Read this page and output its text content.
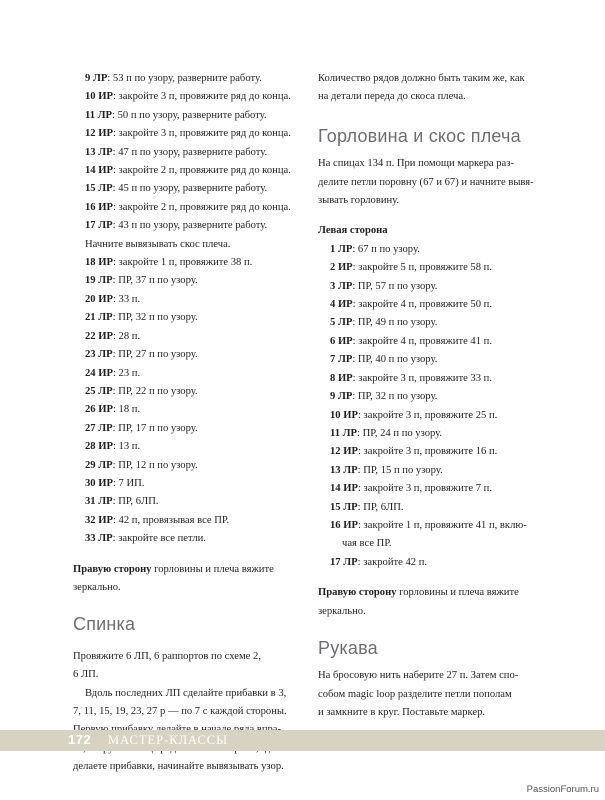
9 ЛР: 53 п по узору, разверните работу.
10 ИР: закройте 3 п, провяжите ряд до конца.
11 ЛР: 50 п по узору, разверните работу.
12 ИР: закройте 3 п, провяжите ряд до конца.
13 ЛР: 47 п по узору, разверните работу.
14 ИР: закройте 2 п, провяжите ряд до конца.
15 ЛР: 45 п по узору, разверните работу.
16 ИР: закройте 2 п, провяжите ряд до конца.
17 ЛР: 43 п по узору, разверните работу.
Начните вывязывать скос плеча.
18 ИР: закройте 1 п, провяжите 38 п.
19 ЛР: ПР, 37 п по узору.
20 ИР: 33 п.
21 ЛР: ПР, 32 п по узору.
22 ИР: 28 п.
23 ЛР: ПР, 27 п по узору.
24 ИР: 23 п.
25 ЛР: ПР, 22 п по узору.
26 ИР: 18 п.
27 ЛР: ПР, 17 п по узору.
28 ИР: 13 п.
29 ЛР: ПР, 12 п по узору.
30 ИР: 7 ИП.
31 ЛР: ПР, 6ЛП.
32 ИР: 42 п, провязывая все ПР.
33 ЛР: закройте все петли.
Правую сторону горловины и плеча вяжите
зеркально.
Спинка
Провяжите 6 ЛП, 6 раппортов по схеме 2,
6 ЛП.
Вдоль последних ЛП сделайте прибавки в 3,
7, 11, 15, 19, 23, 27 р — по 7 с каждой стороны.
делаете прибавки, начинайте вывязывать узор.
Количество рядов должно быть таким же, как
на детали переда до скоса плеча.
Горловина и скос плеча
На спицах 134 п. При помощи маркера раз-
делите петли поровну (67 и 67) и начните вывя-
зывать горловину.
Левая сторона
1 ЛР: 67 п по узору.
2 ИР: закройте 5 п, провяжите 58 п.
3 ЛР: ПР, 57 п по узору.
4 ИР: закройте 4 п, провяжите 50 п.
5 ЛР: ПР, 49 п по узору.
6 ИР: закройте 4 п, провяжите 41 п.
7 ЛР: ПР, 40 п по узору.
8 ИР: закройте 3 п, провяжите 33 п.
9 ЛР: ПР, 32 п по узору.
10 ИР: закройте 3 п, провяжите 25 п.
11 ЛР: ПР, 24 п по узору.
12 ИР: закройте 3 п, провяжите 16 п.
13 ЛР: ПР, 15 п по узору.
14 ИР: закройте 3 п, провяжите 7 п.
15 ЛР: ПР, 6ЛП.
16 ИР: закройте 1 п, провяжите 41 п, вклю-
чая все ПР.
17 ЛР: закройте 42 п.
Правую сторону горловины и плеча вяжите
зеркально.
Рукава
На бросовую нить наберите 27 п. Затем спо-
собом magic loop разделите петли пополам
и замкните в круг. Поставьте маркер.
172 МАСТЕР-КЛАССЫ
PassionForum.ru
